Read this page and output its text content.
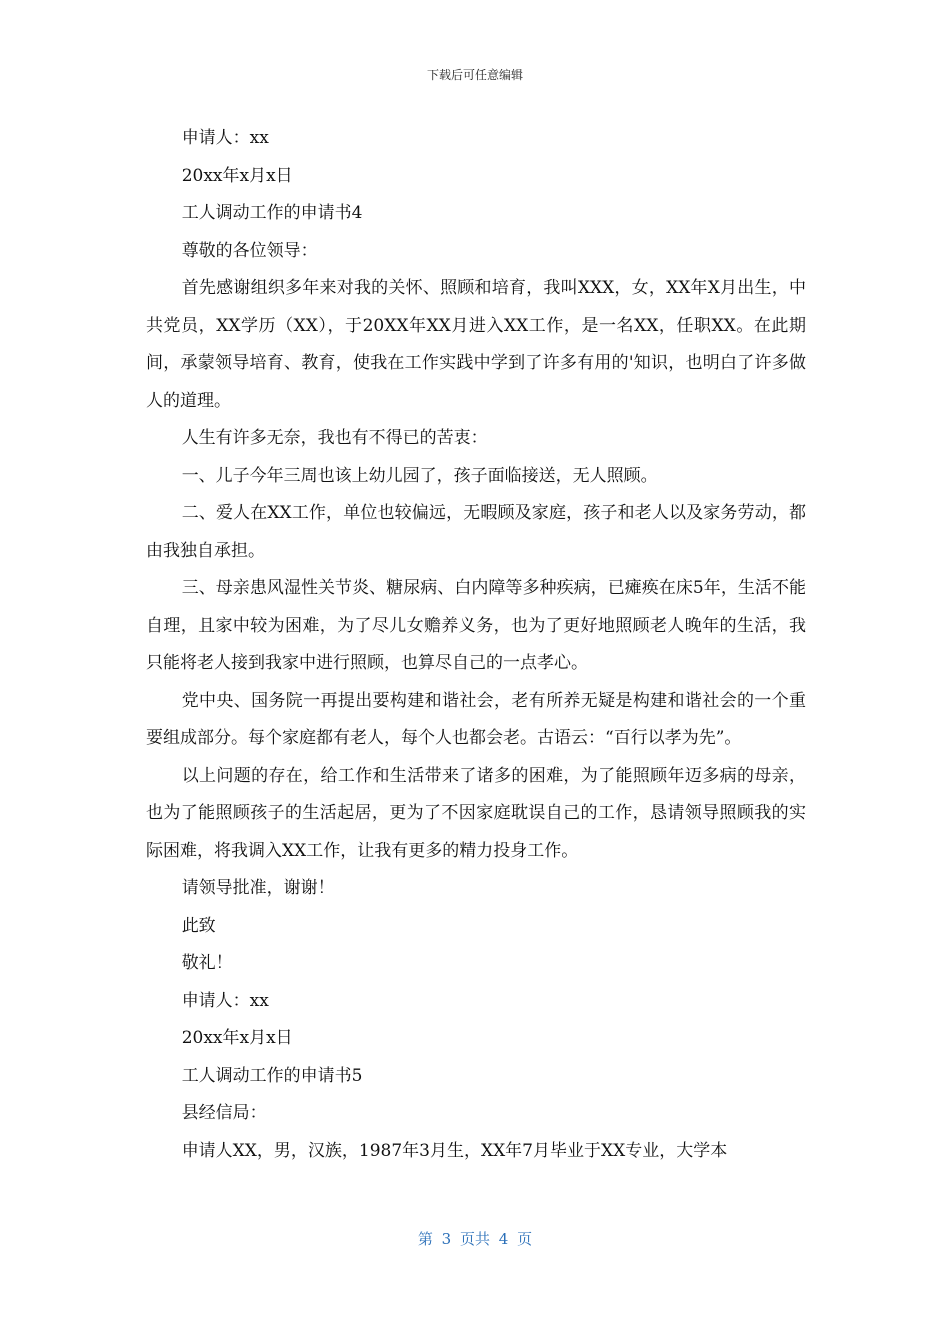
下载后可任意编辑

申请人：xx

20xx年x月x日

工人调动工作的申请书4

尊敬的各位领导：

首先感谢组织多年来对我的关怀、照顾和培育，我叫XXX，女，XX年X月出生，中共党员，XX学历（XX），于20XX年XX月进入XX工作，是一名XX，任职XX。在此期间，承蒙领导培育、教育，使我在工作实践中学到了许多有用的'知识，也明白了许多做人的道理。

人生有许多无奈，我也有不得已的苦衷：

一、儿子今年三周也该上幼儿园了，孩子面临接送，无人照顾。

二、爱人在XX工作，单位也较偏远，无暇顾及家庭，孩子和老人以及家务劳动，都由我独自承担。

三、母亲患风湿性关节炎、糖尿病、白内障等多种疾病，已瘫痪在床5年，生活不能自理，且家中较为困难，为了尽儿女赡养义务，也为了更好地照顾老人晚年的生活，我只能将老人接到我家中进行照顾，也算尽自己的一点孝心。

党中央、国务院一再提出要构建和谐社会，老有所养无疑是构建和谐社会的一个重要组成部分。每个家庭都有老人，每个人也都会老。古语云：“百行以孝为先”。

以上问题的存在，给工作和生活带来了诸多的困难，为了能照顾年迈多病的母亲，也为了能照顾孩子的生活起居，更为了不因家庭耽误自己的工作，恳请领导照顾我的实际困难，将我调入XX工作，让我有更多的精力投身工作。

请领导批准，谢谢！

此致

敬礼！

申请人：xx

20xx年x月x日

工人调动工作的申请书5

县经信局：

申请人XX，男，汉族，1987年3月生，XX年7月毕业于XX专业，大学本

第 3 页共 4 页
